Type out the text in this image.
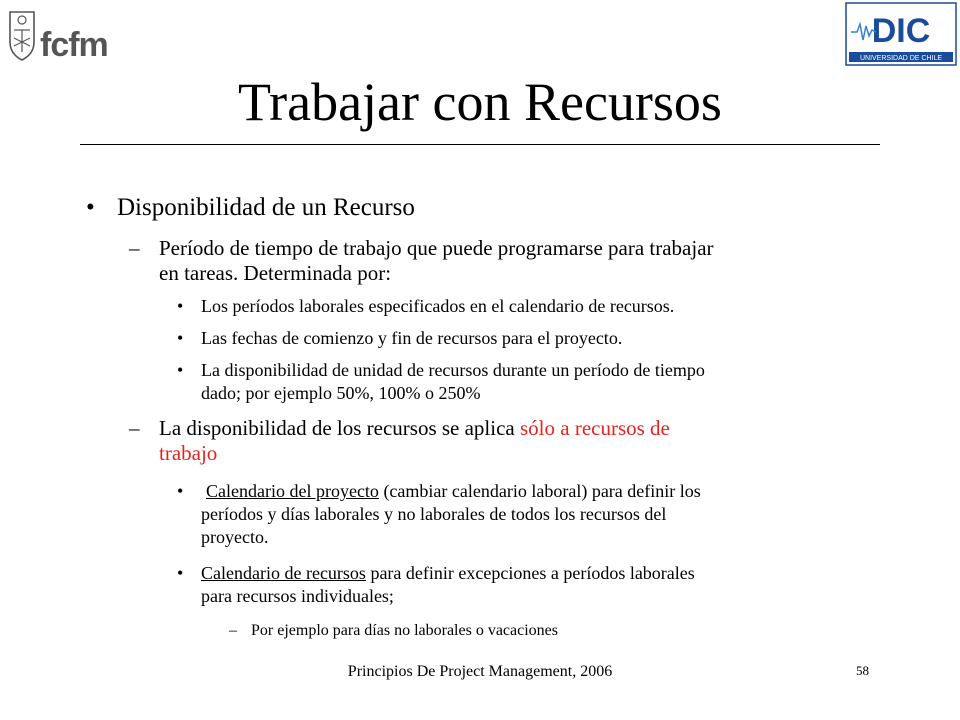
fcfm	DIC
UNIVERSIDAD DE CHILE
Trabajar con Recursos
• Disponibilidad de un Recurso
– Período de tiempo de trabajo que puede programarse para trabajar
en tareas. Determinada por:
• Los períodos laborales especificados en el calendario de recursos.
• Las fechas de comienzo y fin de recursos para el proyecto.
• La disponibilidad de unidad de recursos durante un período de tiempo
dado; por ejemplo 50%, 100% o 250%
– La disponibilidad de los recursos se aplica sólo a recursos de
trabajo
• Calendario del proyecto (cambiar calendario laboral) para definir los
períodos y días laborales y no laborales de todos los recursos del
proyecto.
• Calendario de recursos para definir excepciones a períodos laborales
para recursos individuales;
– Por ejemplo para días no laborales o vacaciones
Principios De Project Management, 2006	58
